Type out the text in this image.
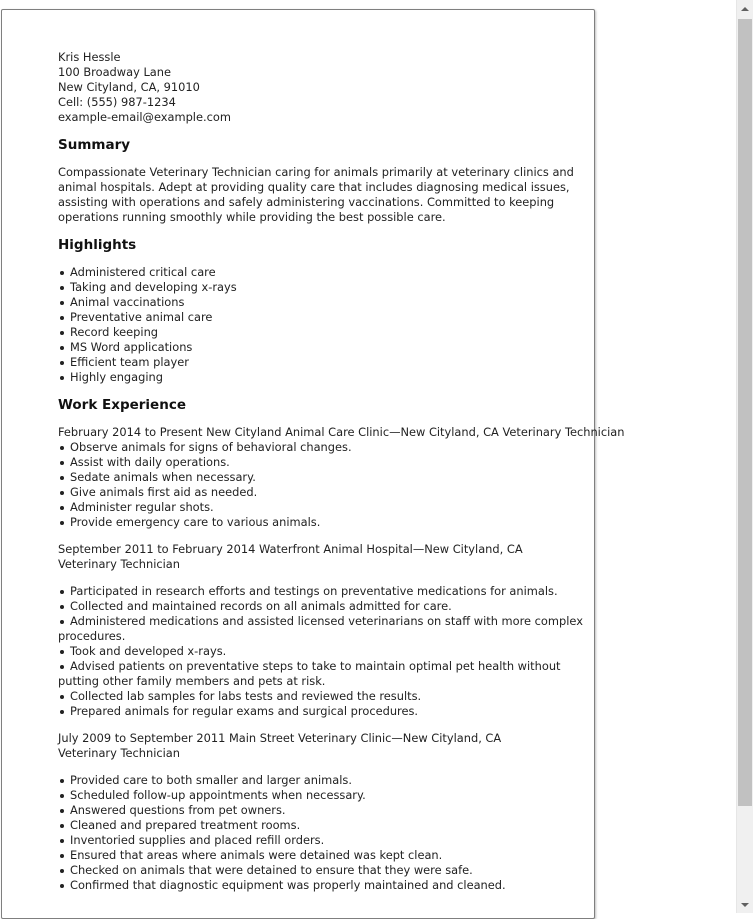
Kris Hessle
100 Broadway Lane
New Cityland, CA, 91010
Cell: (555) 987-1234
example-email@example.com
Summary

Compassionate Veterinary Technician caring for animals primarily at veterinary clinics and animal hospitals. Adept at providing quality care that includes diagnosing medical issues, assisting with operations and safely administering vaccinations. Committed to keeping operations running smoothly while providing the best possible care.

Highlights
Administered critical care
Taking and developing x-rays
Animal vaccinations
Preventative animal care
Record keeping
MS Word applications
Efficient team player
Highly engaging
Work Experience
February 2014 to Present New Cityland Animal Care Clinic—New Cityland, CA Veterinary Technician
Observe animals for signs of behavioral changes.
Assist with daily operations.
Sedate animals when necessary.
Give animals first aid as needed.
Administer regular shots.
Provide emergency care to various animals.
September 2011 to February 2014 Waterfront Animal Hospital—New Cityland, CA Veterinary Technician
Participated in research efforts and testings on preventative medications for animals.
Collected and maintained records on all animals admitted for care.
Administered medications and assisted licensed veterinarians on staff with more complex procedures.
Took and developed x-rays.
Advised patients on preventative steps to take to maintain optimal pet health without putting other family members and pets at risk.
Collected lab samples for labs tests and reviewed the results.
Prepared animals for regular exams and surgical procedures.
July 2009 to September 2011 Main Street Veterinary Clinic—New Cityland, CA Veterinary Technician
Provided care to both smaller and larger animals.
Scheduled follow-up appointments when necessary.
Answered questions from pet owners.
Cleaned and prepared treatment rooms.
Inventoried supplies and placed refill orders.
Ensured that areas where animals were detained was kept clean.
Checked on animals that were detained to ensure that they were safe.
Confirmed that diagnostic equipment was properly maintained and cleaned.
